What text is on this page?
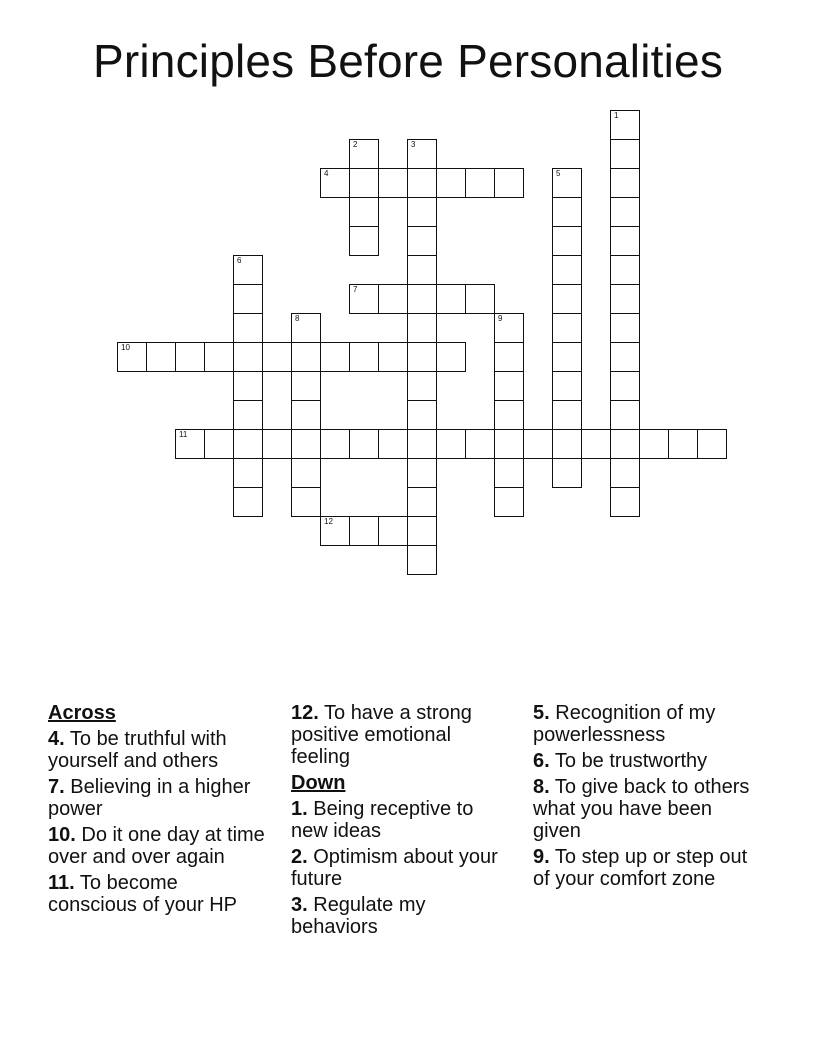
Principles Before Personalities
1
2	3
4	5
6
7
8	9
10
11
12
Across
4. To be truthful with yourself and others
7. Believing in a higher power
10. Do it one day at time over and over again
11. To become conscious of your HP
12. To have a strong positive emotional feeling
Down
1. Being receptive to new ideas
2. Optimism about your future
3. Regulate my behaviors
5. Recognition of my powerlessness
6. To be trustworthy
8. To give back to others what you have been given
9. To step up or step out of your comfort zone
